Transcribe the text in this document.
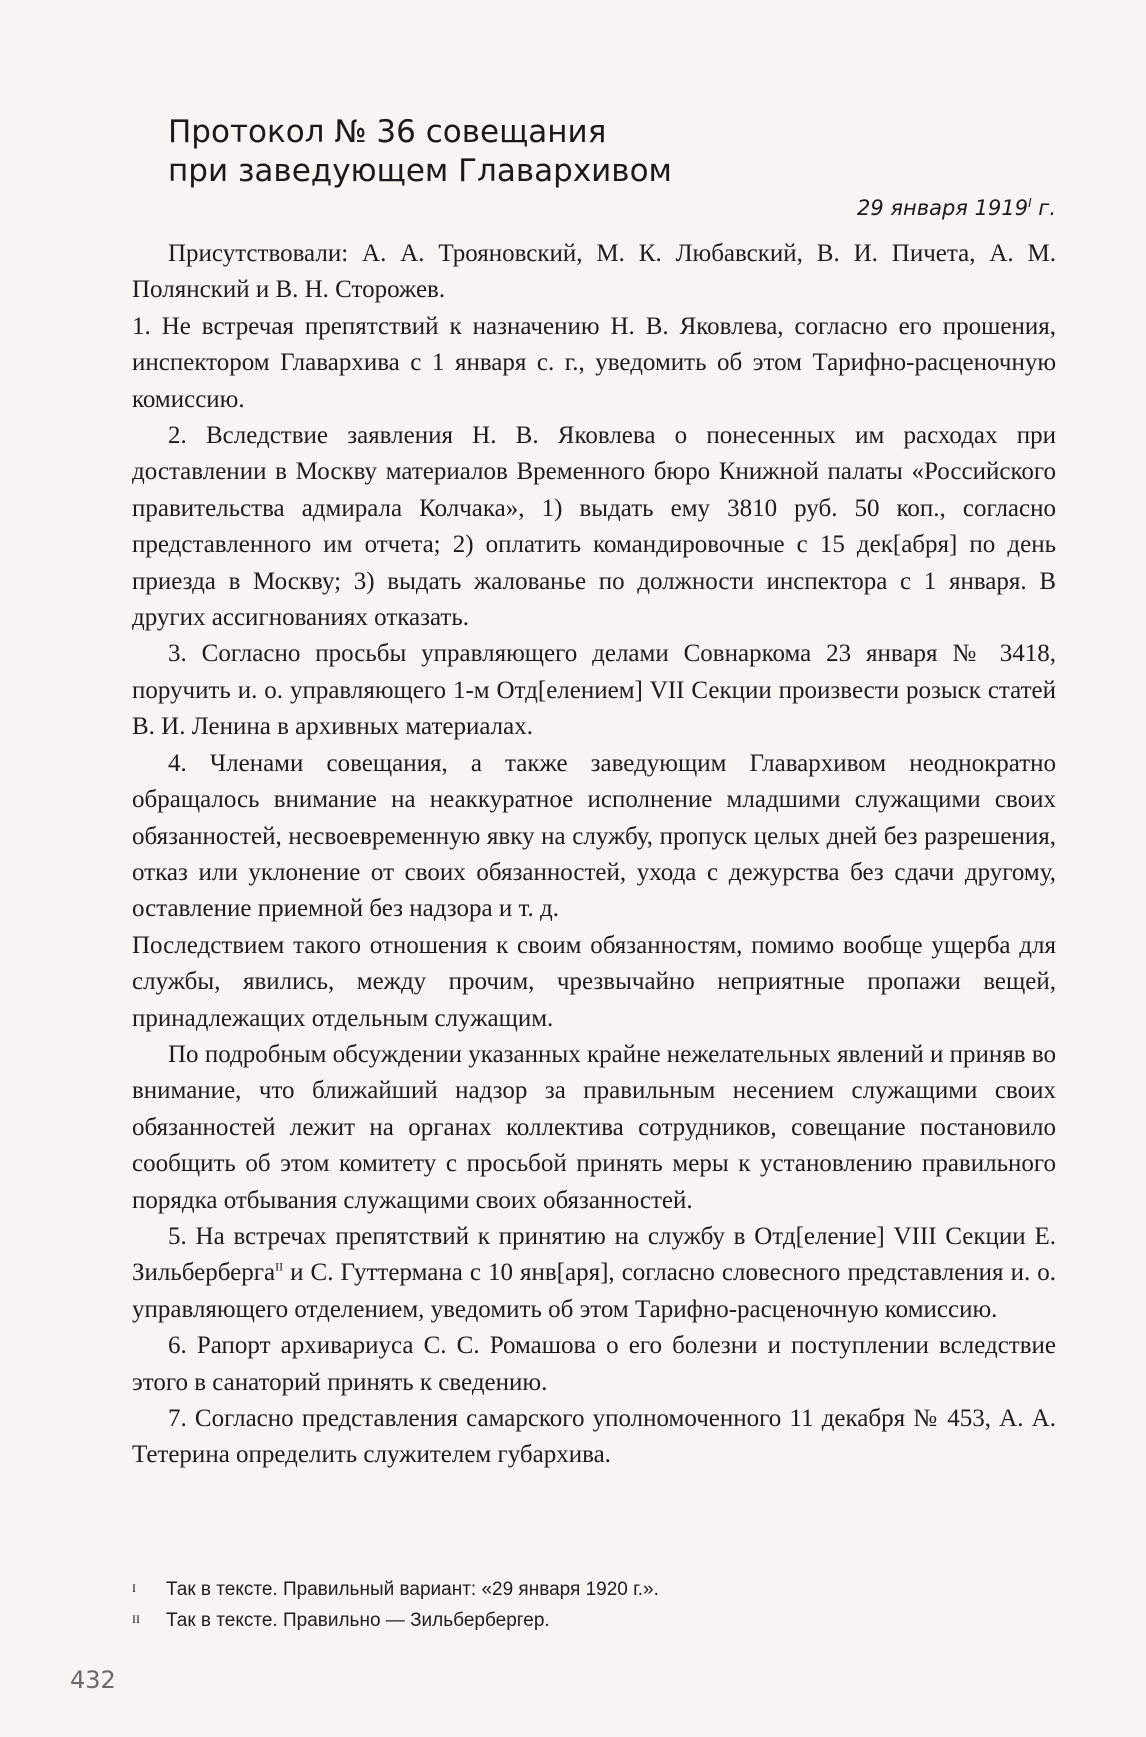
Протокол № 36 совещания
при заведующем Главархивом
29 января $1919^I$ г.

Присутствовали: А. А. Трояновский, М. К. Любавский, В. И. Пичета, А. М. Полянский и В. Н. Сторожев.

1. Не встречая препятствий к назначению Н. В. Яковлева, согласно его прошения, инспектором Главархива с 1 января с. г., уведомить об этом Тарифно-расценочную комиссию.

2. Вследствие заявления Н. В. Яковлева о понесенных им расходах при доставлении в Москву материалов Временного бюро Книжной палаты «Российского правительства адмирала Колчака», 1) выдать ему 3810 руб. 50 коп., согласно представленного им отчета; 2) оплатить командировочные с 15 дек[абря] по день приезда в Москву; 3) выдать жалованье по должности инспектора с 1 января. В других ассигнованиях отказать.

3. Согласно просьбы управляющего делами Совнаркома 23 января № 3418, поручить и. о. управляющего 1-м Отд[елением] VII Секции произвести розыск статей В. И. Ленина в архивных материалах.

4. Членами совещания, а также заведующим Главархивом неоднократно обращалось внимание на неаккуратное исполнение младшими служащими своих обязанностей, несвоевременную явку на службу, пропуск целых дней без разрешения, отказ или уклонение от своих обязанностей, ухода с дежурства без сдачи другому, оставление приемной без надзора и т. д.

Последствием такого отношения к своим обязанностям, помимо вообще ущерба для службы, явились, между прочим, чрезвычайно неприятные пропажи вещей, принадлежащих отдельным служащим.

По подробным обсуждении указанных крайне нежелательных явлений и приняв во внимание, что ближайший надзор за правильным несением служащими своих обязанностей лежит на органах коллектива сотрудников, совещание постановило сообщить об этом комитету с просьбой принять меры к установлению правильного порядка отбывания служащими своих обязанностей.

5. На встречах препятствий к принятию на службу в Отд[еление] VIII Секции Е. Зильберберга$^{II}$ и С. Гуттермана с 10 янв[аря], согласно словесного представления и. о. управляющего отделением, уведомить об этом Тарифно-расценочную комиссию.

6. Рапорт архивариуса С. С. Ромашова о его болезни и поступлении вследствие этого в санаторий принять к сведению.

7. Согласно представления самарского уполномоченного 11 декабря № 453, А. А. Тетерина определить служителем губархива.

I	Так в тексте. Правильный вариант: «29 января 1920 г.».
II	Так в тексте. Правильно — Зильбербергер.
432
